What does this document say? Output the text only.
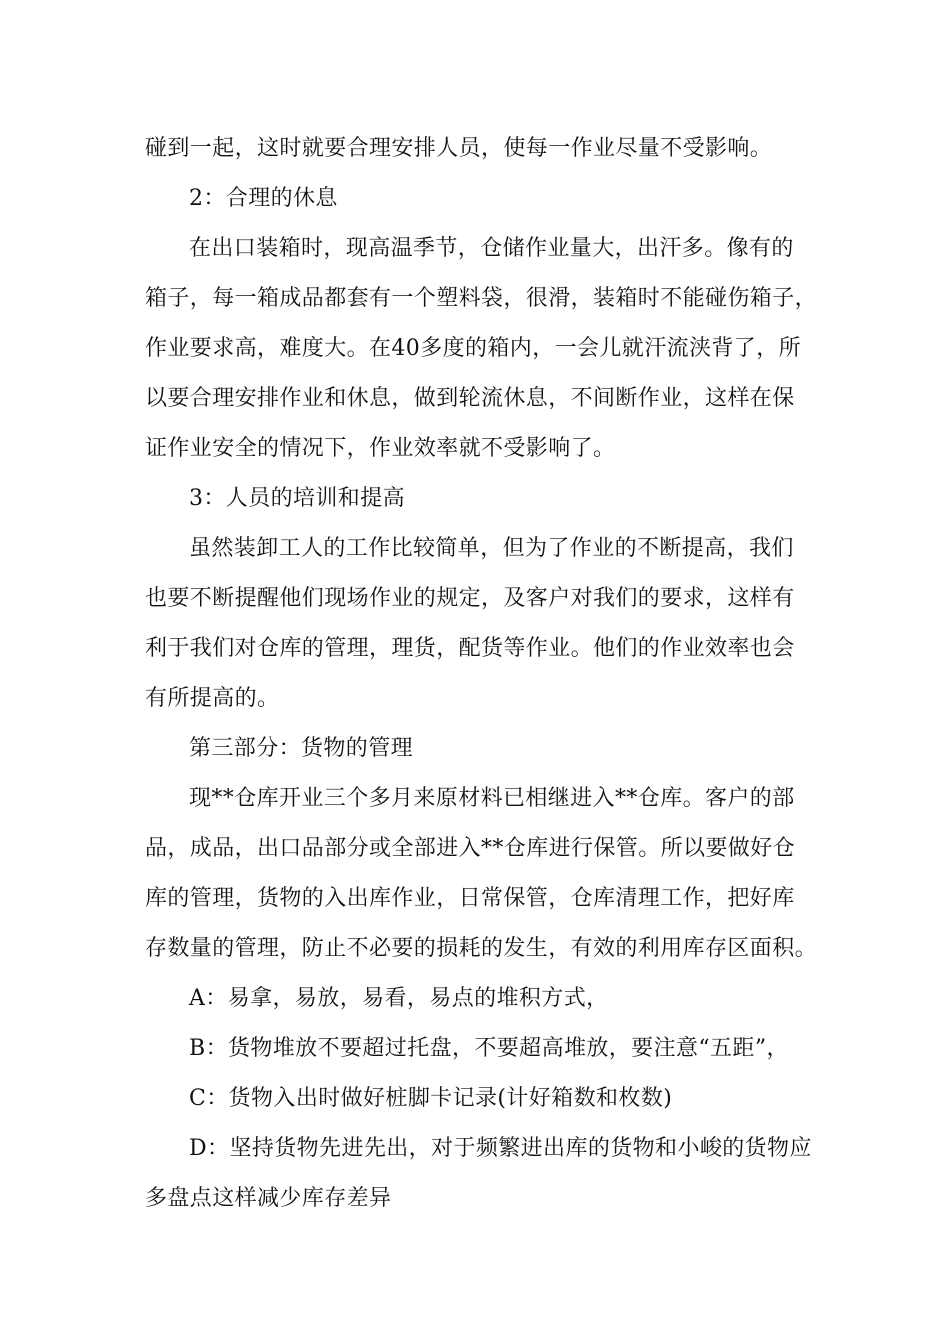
碰到一起，这时就要合理安排人员，使每一作业尽量不受影响。
2：合理的休息
在出口装箱时，现高温季节，仓储作业量大，出汗多。像有的
箱子，每一箱成品都套有一个塑料袋，很滑，装箱时不能碰伤箱子，
作业要求高，难度大。在40多度的箱内，一会儿就汗流浃背了，所
以要合理安排作业和休息，做到轮流休息，不间断作业，这样在保
证作业安全的情况下，作业效率就不受影响了。
3：人员的培训和提高
虽然装卸工人的工作比较简单，但为了作业的不断提高，我们
也要不断提醒他们现场作业的规定，及客户对我们的要求，这样有
利于我们对仓库的管理，理货，配货等作业。他们的作业效率也会
有所提高的。
第三部分：货物的管理
现**仓库开业三个多月来原材料已相继进入**仓库。客户的部
品，成品，出口品部分或全部进入**仓库进行保管。所以要做好仓
库的管理，货物的入出库作业，日常保管，仓库清理工作，把好库
存数量的管理，防止不必要的损耗的发生，有效的利用库存区面积。
A：易拿，易放，易看，易点的堆积方式，
B：货物堆放不要超过托盘，不要超高堆放，要注意“五距”，
C：货物入出时做好桩脚卡记录(计好箱数和枚数)
D：坚持货物先进先出，对于频繁进出库的货物和小峻的货物应
多盘点这样减少库存差异
